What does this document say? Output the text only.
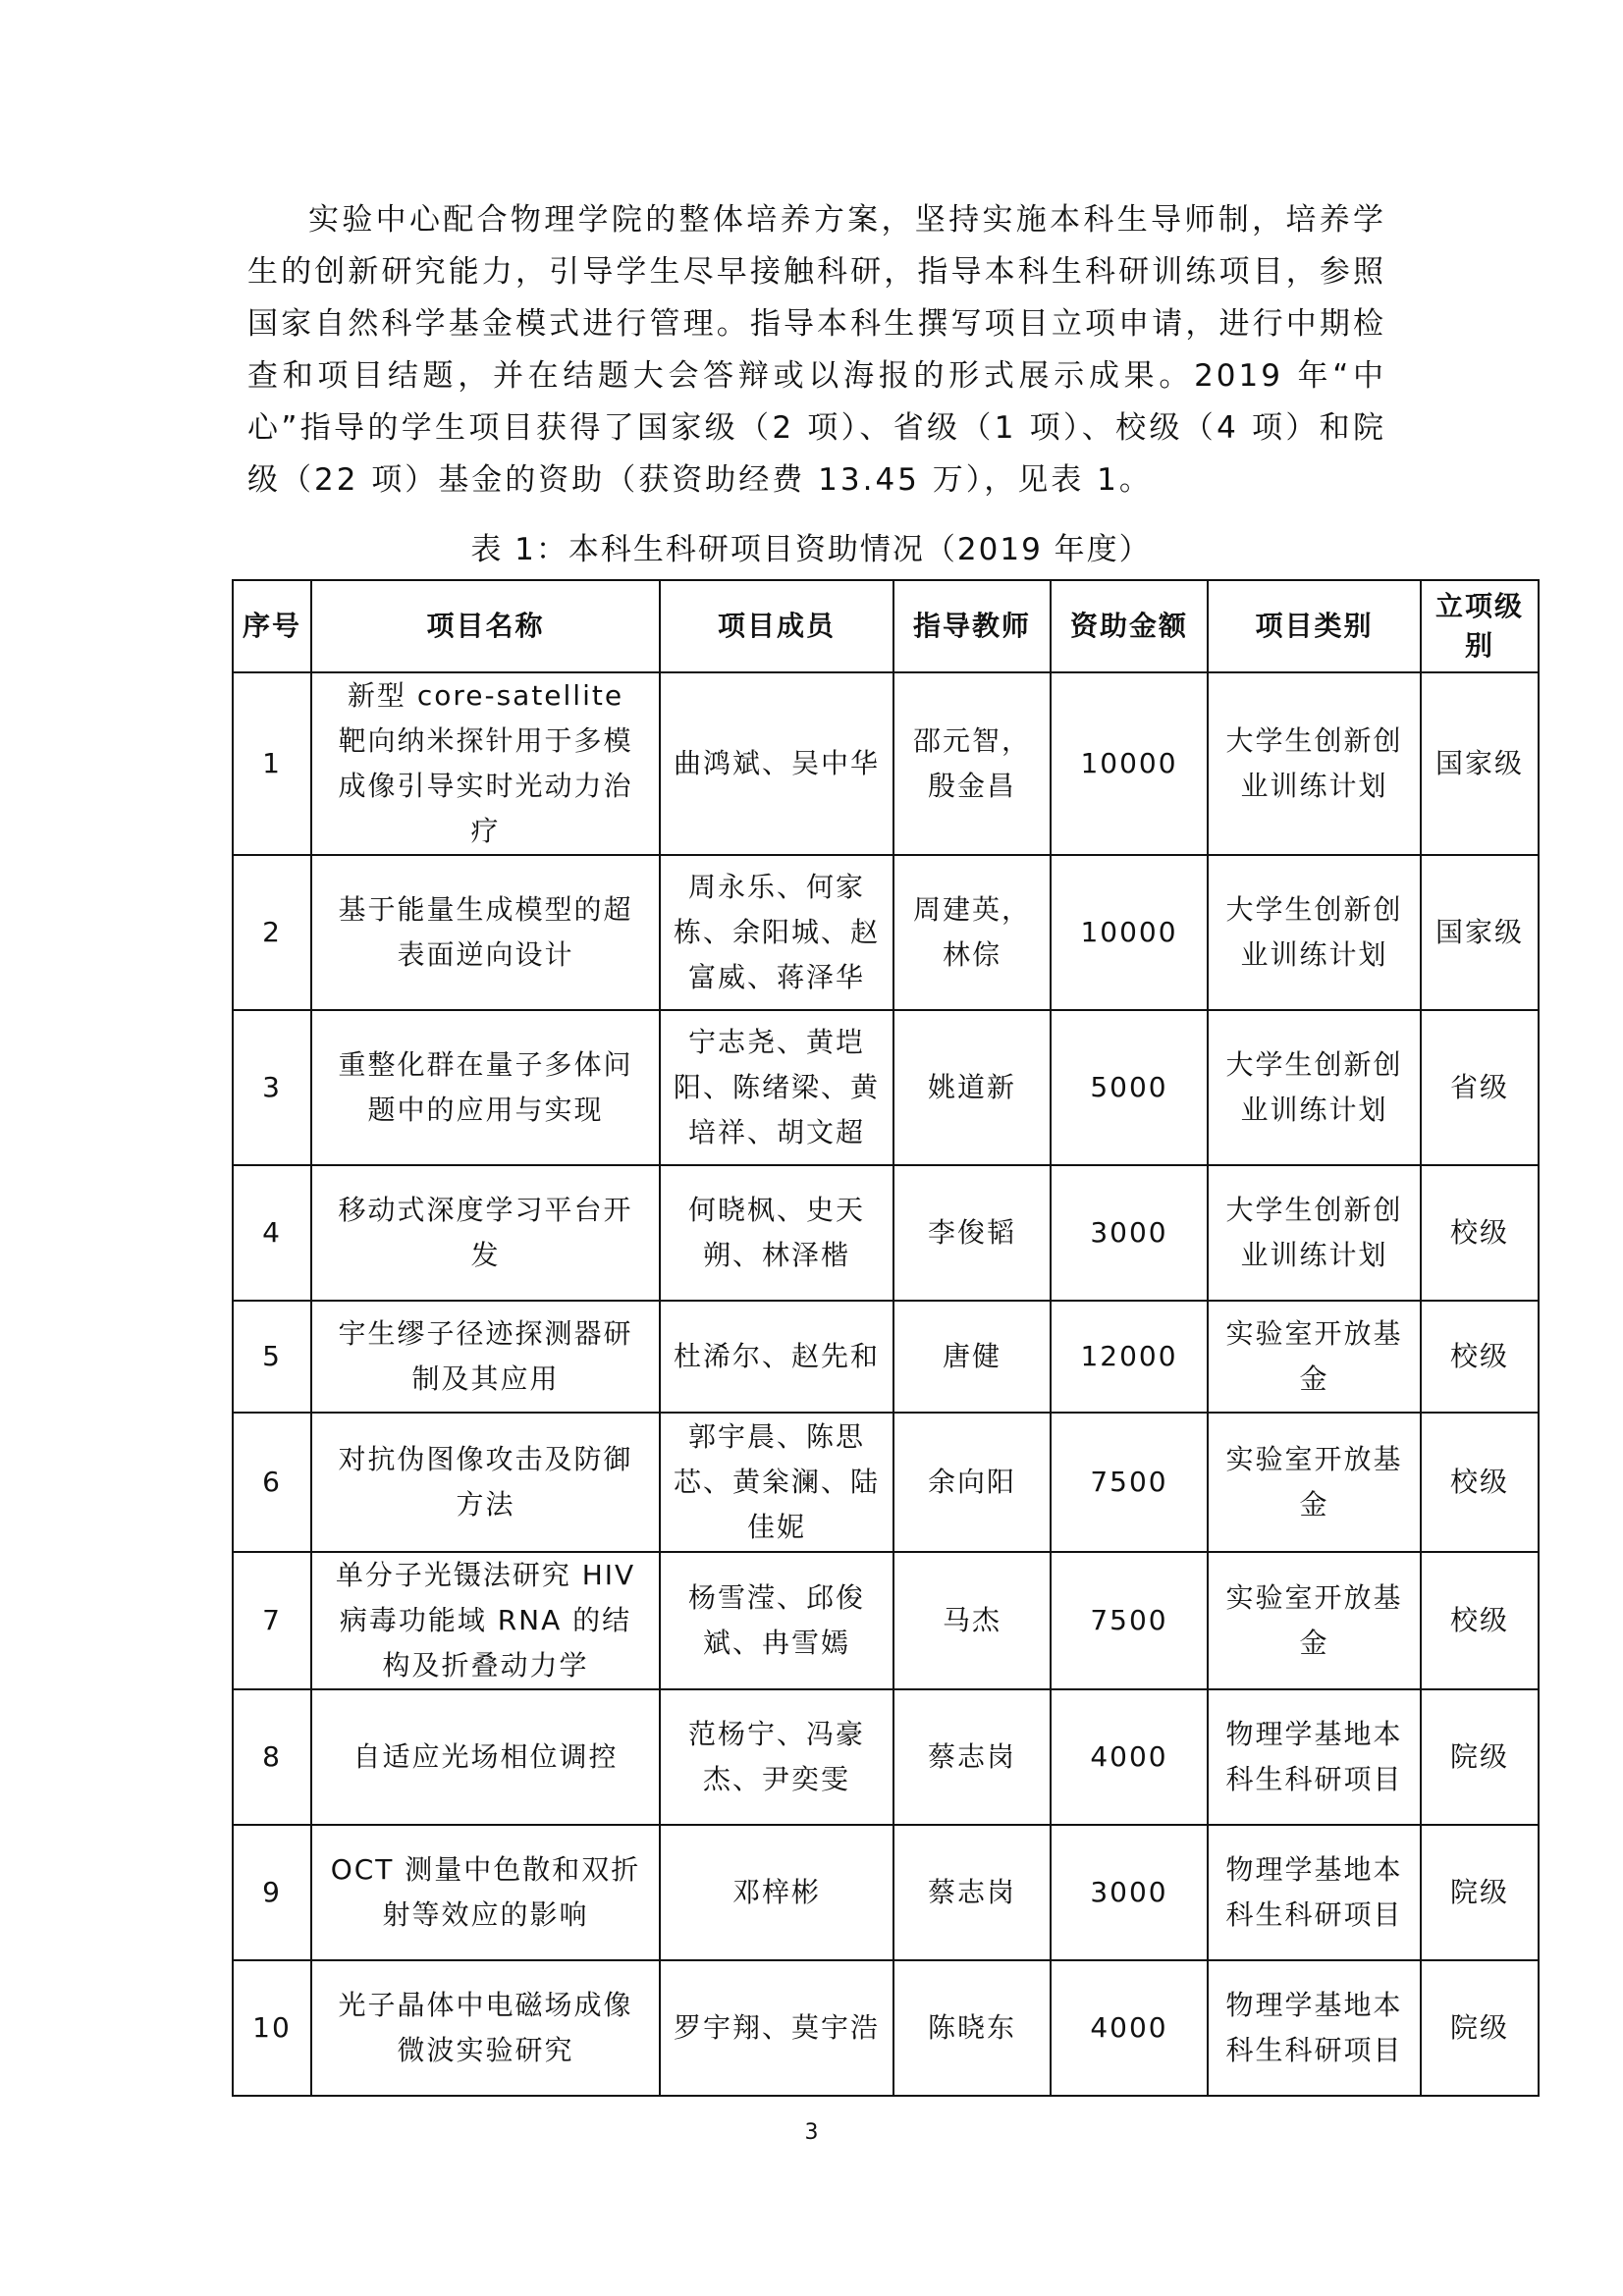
实验中心配合物理学院的整体培养方案，坚持实施本科生导师制，培养学生的创新研究能力，引导学生尽早接触科研，指导本科生科研训练项目，参照国家自然科学基金模式进行管理。指导本科生撰写项目立项申请，进行中期检查和项目结题，并在结题大会答辩或以海报的形式展示成果。2019 年“中心”指导的学生项目获得了国家级（2 项）、省级（1 项）、校级（4 项）和院级（22 项）基金的资助（获资助经费 13.45 万），见表 1。
表 1：本科生科研项目资助情况（2019 年度）
序号	项目名称	项目成员	指导教师	资助金额	项目类别	立项级别
1	新型 core-satellite 靶向纳米探针用于多模成像引导实时光动力治疗	曲鸿斌、吴中华	邵元智，殷金昌	10000	大学生创新创业训练计划	国家级
2	基于能量生成模型的超表面逆向设计	周永乐、何家栋、余阳城、赵富威、蒋泽华	周建英，林倧	10000	大学生创新创业训练计划	国家级
3	重整化群在量子多体问题中的应用与实现	宁志尧、黄垲阳、陈绪梁、黄培祥、胡文超	姚道新	5000	大学生创新创业训练计划	省级
4	移动式深度学习平台开发	何晓枫、史天朔、林泽楷	李俊韬	3000	大学生创新创业训练计划	校级
5	宇生缪子径迹探测器研制及其应用	杜浠尔、赵先和	唐健	12000	实验室开放基金	校级
6	对抗伪图像攻击及防御方法	郭宇晨、陈思芯、黄枀澜、陆佳妮	余向阳	7500	实验室开放基金	校级
7	单分子光镊法研究 HIV 病毒功能域 RNA 的结构及折叠动力学	杨雪滢、邱俊斌、冉雪嫣	马杰	7500	实验室开放基金	校级
8	自适应光场相位调控	范杨宁、冯豪杰、尹奕雯	蔡志岗	4000	物理学基地本科生科研项目	院级
9	OCT 测量中色散和双折射等效应的影响	邓梓彬	蔡志岗	3000	物理学基地本科生科研项目	院级
10	光子晶体中电磁场成像微波实验研究	罗宇翔、莫宇浩	陈晓东	4000	物理学基地本科生科研项目	院级
3
